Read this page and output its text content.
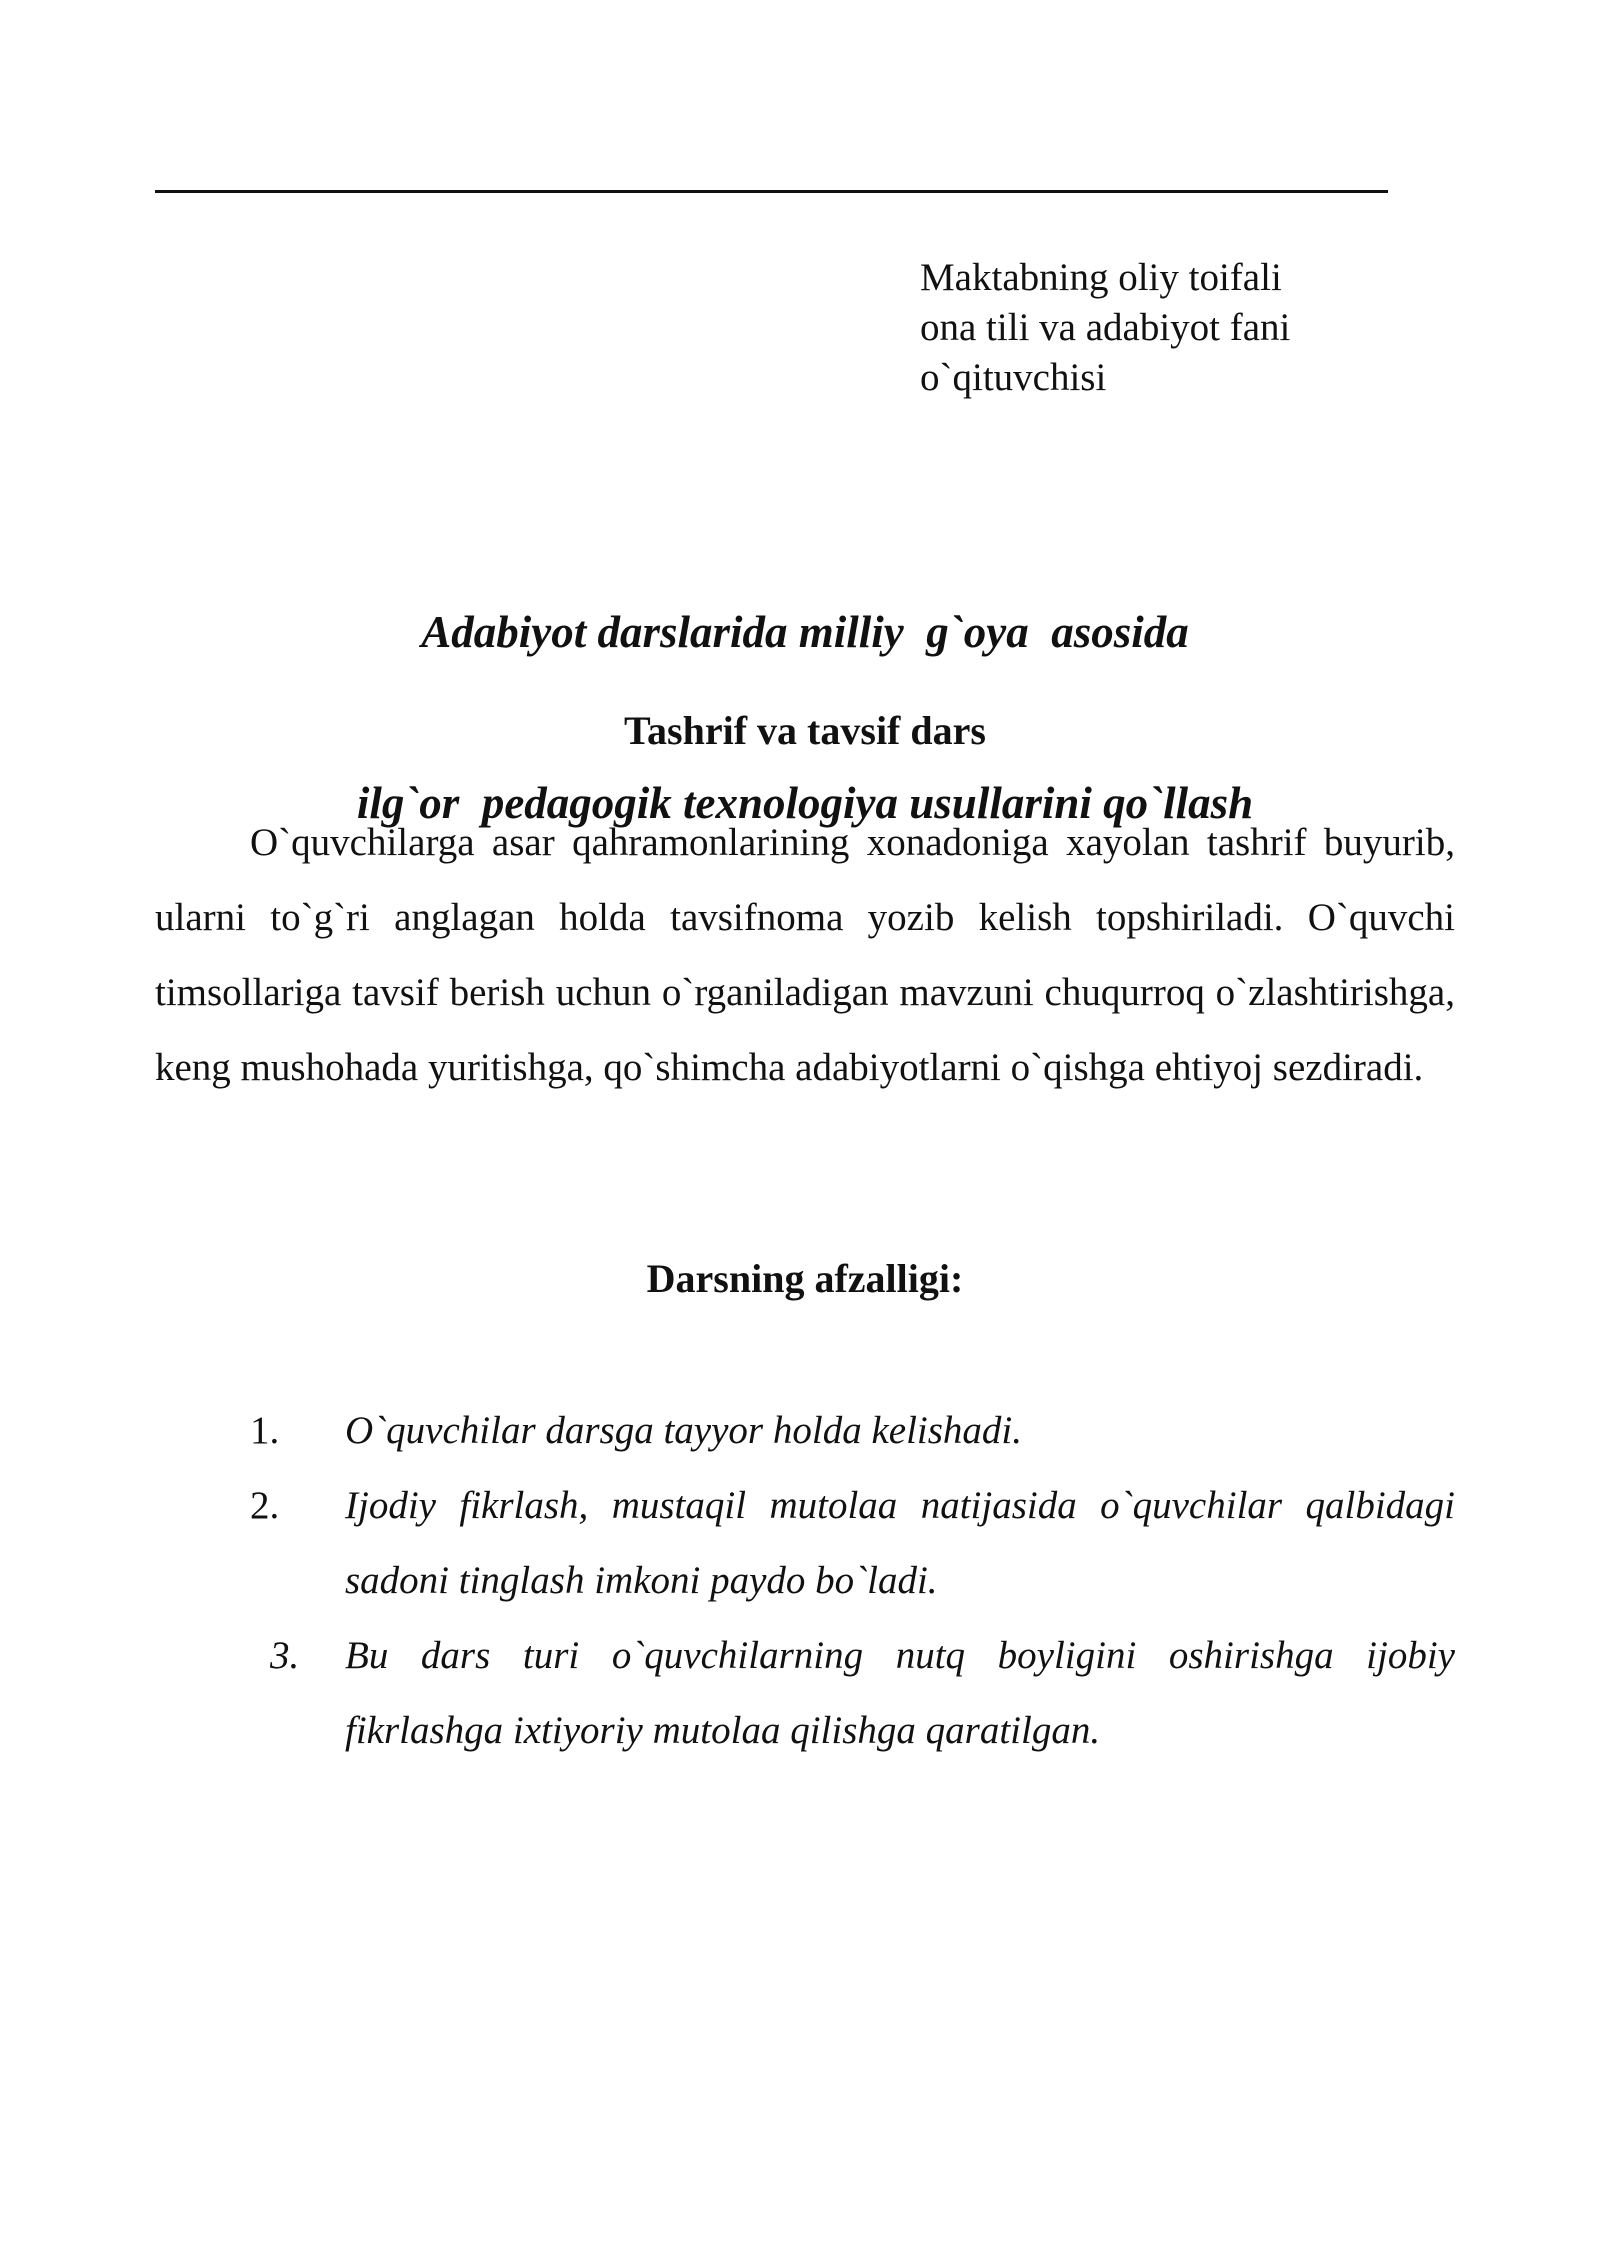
Maktabning oliy toifali
ona tili va adabiyot fani
o`qituvchisi

Adabiyot darslarida milliy  g`oya  asosida

ilg`or  pedagogik texnologiya usullarini qo`llash

Tashrif va tavsif dars

O`quvchilarga asar qahramonlarining xonadoniga xayolan tashrif buyurib, ularni to`g`ri anglagan holda tavsifnoma yozib kelish topshiriladi. O`quvchi timsollariga tavsif berish uchun o`rganiladigan mavzuni chuqurroq o`zlashtirishga, keng mushohada yuritishga, qo`shimcha adabiyotlarni o`qishga ehtiyoj sezdiradi.

Darsning afzalligi:
1. O`quvchilar darsga tayyor holda kelishadi.
2. Ijodiy fikrlash, mustaqil mutolaa natijasida o`quvchilar qalbidagi sadoni tinglash imkoni paydo bo`ladi.
3. Bu dars turi o`quvchilarning nutq boyligini oshirishga ijobiy fikrlashga ixtiyoriy mutolaa qilishga qaratilgan.
